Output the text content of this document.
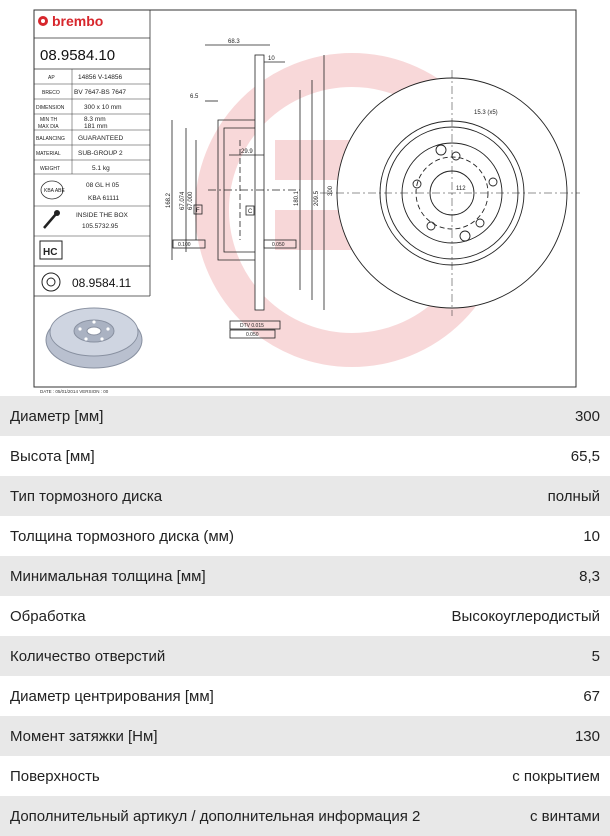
DATE : 05/01/2014 VERSION : 00
brembo
08.9584.10
AP	14856 V-14856
BRECO BV 7647-BS 7647
DIMENSION	300 x 10 mm
MIN TH	8.3 mm
MAX DIA	181 mm
BALANCING GUARANTEED
MATERIAL	SUB-GROUP 2
WEIGHT	5.1 kg
KBA ABE
08 GL H 05
KBA 61111
INSIDE THE BOX
105.5732.95
HC
08.9584.11
68.3
10
6.5
29.9
168.2 67.074 67.000	180.1 209.5 300
F	C
0.100	0.050
DTV 0.015
0.050
15.3 (x5)
112
Диаметр [мм]	300
Высота [мм]	65,5
Тип тормозного диска	полный
Толщина тормозного диска (мм)	10
Минимальная толщина [мм]	8,3
Обработка	Высокоуглеродистый
Количество отверстий	5
Диаметр центрирования [мм]	67
Момент затяжки [Нм]	130
Поверхность	с покрытием
Дополнительный артикул / дополнительная информация 2	с винтами
